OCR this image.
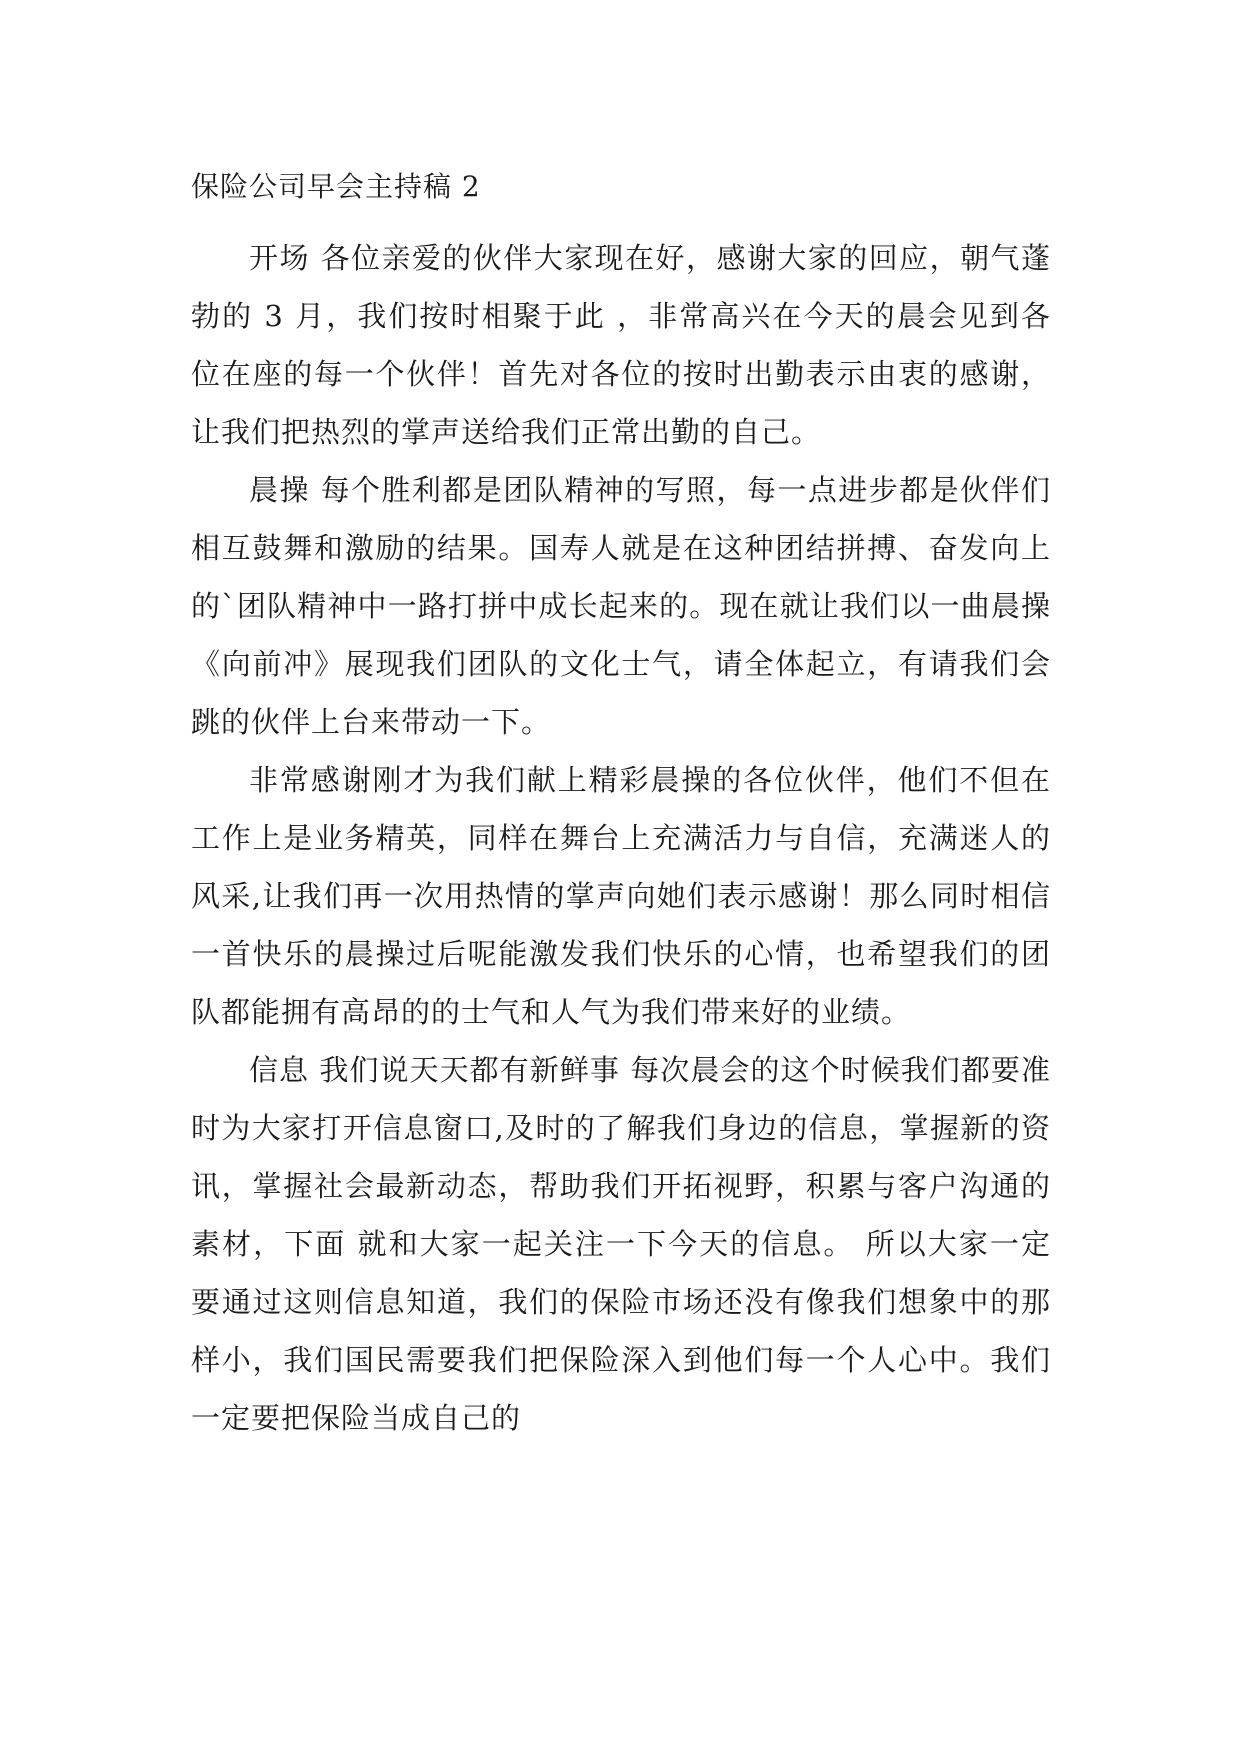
保险公司早会主持稿 2

开场 各位亲爱的伙伴大家现在好，感谢大家的回应，朝气蓬勃的 3 月，我们按时相聚于此 ，非常高兴在今天的晨会见到各位在座的每一个伙伴！首先对各位的按时出勤表示由衷的感谢，让我们把热烈的掌声送给我们正常出勤的自己。

晨操 每个胜利都是团队精神的写照，每一点进步都是伙伴们相互鼓舞和激励的结果。国寿人就是在这种团结拼搏、奋发向上的`团队精神中一路打拼中成长起来的。现在就让我们以一曲晨操 《向前冲》展现我们团队的文化士气，请全体起立，有请我们会跳的伙伴上台来带动一下。

非常感谢刚才为我们献上精彩晨操的各位伙伴，他们不但在工作上是业务精英，同样在舞台上充满活力与自信，充满迷人的风采,让我们再一次用热情的掌声向她们表示感谢！那么同时相信一首快乐的晨操过后呢能激发我们快乐的心情，也希望我们的团队都能拥有高昂的的士气和人气为我们带来好的业绩。

信息 我们说天天都有新鲜事 每次晨会的这个时候我们都要准时为大家打开信息窗口,及时的了解我们身边的信息，掌握新的资讯，掌握社会最新动态，帮助我们开拓视野，积累与客户沟通的素材，下面 就和大家一起关注一下今天的信息。 所以大家一定要通过这则信息知道，我们的保险市场还没有像我们想象中的那样小，我们国民需要我们把保险深入到他们每一个人心中。我们一定要把保险当成自己的
